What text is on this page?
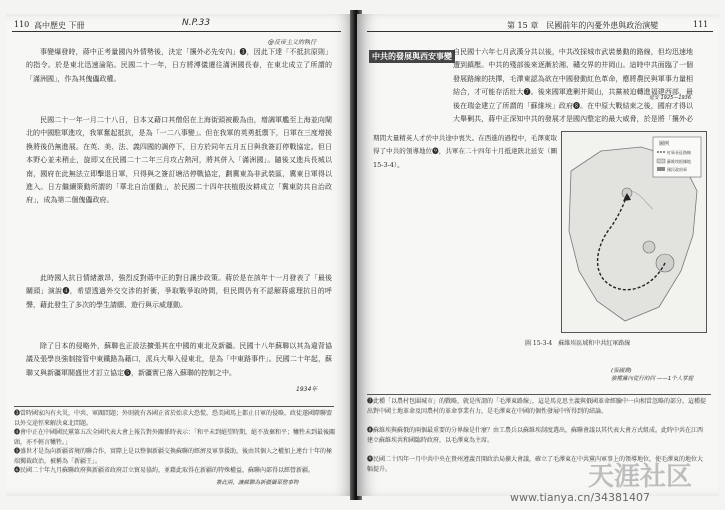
110 高中歷史 下冊	N.P.33
@反帝主义的執行

事變爆發時，蔣中正考量國內外情勢後，決定「攘外必先安內」❸，因此下達「不抵抗原則」的指令。於是東北迅速淪陷。民國二十一年，日方將溥儀遷往滿洲國長春，在東北成立了所謂的「滿洲國」，作為其傀儡政權。

民國二十一年一月二十八日，日本又藉口其僧侶在上海街頭被毆為由，增調軍艦至上海並向閘北的中國駐軍進攻，我軍奮起抵抗，是為「一二八事變」。但在我軍的英勇抵禦下，日軍在三度增援換將後仍無進展。在英、美、法、義四國的調停下，日方於同年五月五日與我簽訂停戰協定。但日本野心並未稍止，旋即又在民國二十二年三月攻占熱河，將其併入「滿洲國」。隨後又進兵長城以南，國府在此無法立即擊退日軍，只得與之簽訂塘沽停戰協定，劃冀東為非武裝區，冀東日軍得以進入。日方繼續策動所謂的「華北自治運動」，於民國二十四年扶植殷汝耕成立「冀東防共自治政府」，成為第二個傀儡政府。

此時國人抗日情緒激昂，強烈反對蔣中正的對日讓步政策。蔣於是在該年十一月發表了「最後關頭」演說❹，希望透過外交交涉的折衝，爭取戰爭取時間，但民間仍有不認解蔣處理抗日的呼聲，藉此發生了多次的學生請願、遊行與示威運動。

除了日本的侵略外，蘇聯也正設法擴張其在中國的東北及新疆。民國十八年蘇聯以其為違背協議及張學良強制接管中東鐵路為藉口，派兵大舉入侵東北，是為「中東路事件」。民國二十年起，蘇聯又與新疆軍閥盛世才訂立協定❺，新疆實已落入蘇聯的控制之中。

1934年

❸當時國家內有火災，中共、軍閥問題；外則就有各國正省於始求大恐慌，恐美國馬上都止日軍的侵略，政徒遂國際聯盟以外交途徑來解決東北問題。

❹會中正在中國國民黨第五次全國代表大會上報告對外關係時表示：「和平未到絕望時期，絕不放棄和平；犧牲未到最後關頭，亦不輕言犧牲。」

❺盛世才是為向新疆省境的聯合作，實際上是以整個新疆交換蘇聯的經濟及軍事援助，後由其個人之權加上連台十年的極端獨裁政治，被稱為「新疆王」。

❻民國二十年九月蘇聯政府與新疆省政府訂立貿易協約，並藉此取得在新疆的特殊權益，蘇聯內部得以經營新疆。

簽此兩，讓蘇聯為新疆攝軍整事物
第 15 章　民國前年的內憂外患與政治演變	111
中共的發展與西安事變 自民國十六年七月武漢分共以後，中共改採城市武裝暴動的路線，但均迅速地遭到鎮壓。中共的殘部後來逐漸於湘、贛交界的井岡山。這時中共面臨了一個發展路線的抉擇，毛澤東認為欲在中國發動紅色革命，應將農民與軍事力量相結合，才可能存活壯大❼。後來國軍進剿井岡山，共黨被迫轉進福建西部，最後在瑞金建立了所謂的「蘇維埃」政府❽。在中原大戰結束之後，國府才得以大舉剿共，蔣中正深知中共的發展才是國內整定的最大威脅，於是將「攘外必

圖例
紅軍長征路線
蘇維埃根據地
國民政府軍

期間大量精英人才於中共途中喪失。在西進的過程中，毛澤東取得了中共的領導地位❾，共軍在二十四年十月抵達陝北延安（圖 15-3-4）。

圖 15-3-4　蘇維埃區域和中共紅軍路線
(張國燾)
強權黨內從行的同 ——1个人掌握
延安 1925—1936

❼此種「以農村包圍城市」的戰略，就是所謂的「毛澤東路線」，這是馬克思主義與俄國革命經驗中一向相當忽略的部分。這種提出對中國土地革命及因農村的革命事業有力，是毛澤東在中國的個性發展中所得到的結論。

❽蘇維埃與蘇俄的兩個最重要的分界線是什麼？由工農兵以蘇維埃制度選出，蘇聯會議以其代表大會方式組成。此時中共在江西建立蘇維埃共和國臨時政府，以毛澤東為主席。

❾民國二十四年一月中共中央在貴州遵義召開政治局擴大會議，確立了毛澤東在中共黨內軍事上的領導地位，使毛澤東的地位大幅提升。	天涯社区
www.tianya.cn/34381407
